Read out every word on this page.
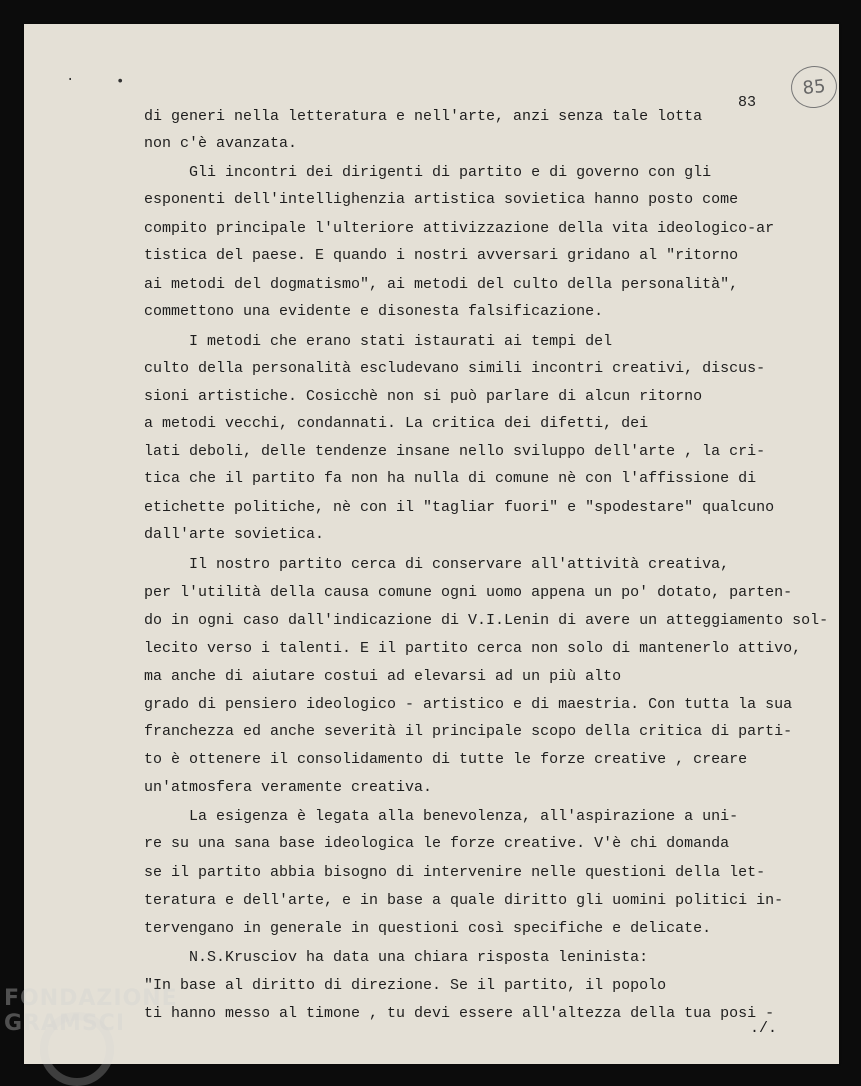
·	•	85
83
di generi nella letteratura e nell'arte, anzi senza tale lotta
non c'è avanzata.
Gli incontri dei dirigenti di partito e di governo con gli
esponenti dell'intellighenzia artistica sovietica hanno posto come
compito principale l'ulteriore attivizzazione della vita ideologico-ar
tistica del paese. E quando i nostri avversari gridano al "ritorno
ai metodi del dogmatismo", ai metodi del culto della personalità",
commettono una evidente e disonesta falsificazione.
I metodi che erano stati istaurati ai tempi del
culto della personalità escludevano simili incontri creativi, discus-
sioni artistiche. Cosicchè non si può parlare di alcun ritorno
a metodi vecchi, condannati. La critica dei difetti, dei
lati deboli, delle tendenze insane nello sviluppo dell'arte , la cri-
tica che il partito fa non ha nulla di comune nè con l'affissione di
etichette politiche, nè con il "tagliar fuori" e "spodestare" qualcuno
dall'arte sovietica.
Il nostro partito cerca di conservare all'attività creativa,
per l'utilità della causa comune ogni uomo appena un po' dotato, parten-
do in ogni caso dall'indicazione di V.I.Lenin di avere un atteggiamento sol-
lecito verso i talenti. E il partito cerca non solo di mantenerlo attivo,
ma anche di aiutare costui ad elevarsi ad un più alto
grado di pensiero ideologico - artistico e di maestria. Con tutta la sua
franchezza ed anche severità il principale scopo della critica di parti-
to è ottenere il consolidamento di tutte le forze creative , creare
un'atmosfera veramente creativa.
La esigenza è legata alla benevolenza, all'aspirazione a uni-
re su una sana base ideologica le forze creative. V'è chi domanda
se il partito abbia bisogno di intervenire nelle questioni della let-
teratura e dell'arte, e in base a quale diritto gli uomini politici in-
tervengano in generale in questioni così specifiche e delicate.
N.S.Krusciov ha data una chiara risposta leninista:
"In base al diritto di direzione. Se il partito, il popolo
ti hanno messo al timone , tu devi essere all'altezza della tua posi -
./.
FONDAZIONE GRAMSCI
